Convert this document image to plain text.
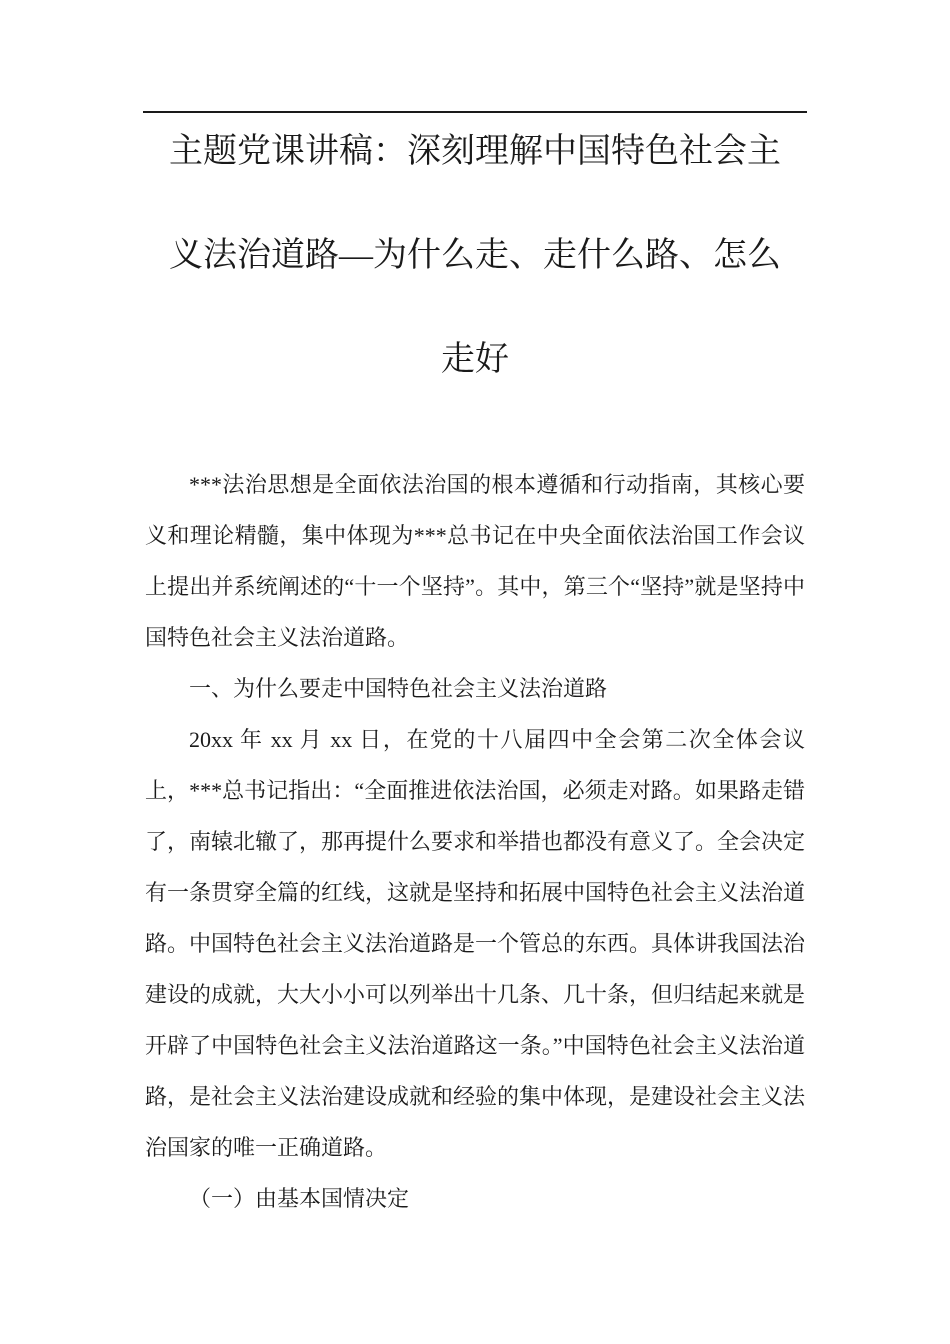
主题党课讲稿：深刻理解中国特色社会主
义法治道路—为什么走、走什么路、怎么
走好

***法治思想是全面依法治国的根本遵循和行动指南，其核心要义和理论精髓，集中体现为***总书记在中央全面依法治国工作会议上提出并系统阐述的“十一个坚持”。其中，第三个“坚持”就是坚持中国特色社会主义法治道路。

一、为什么要走中国特色社会主义法治道路

20xx 年 xx 月 xx 日，在党的十八届四中全会第二次全体会议上，***总书记指出：“全面推进依法治国，必须走对路。如果路走错了，南辕北辙了，那再提什么要求和举措也都没有意义了。全会决定有一条贯穿全篇的红线，这就是坚持和拓展中国特色社会主义法治道路。中国特色社会主义法治道路是一个管总的东西。具体讲我国法治建设的成就，大大小小可以列举出十几条、几十条，但归结起来就是开辟了中国特色社会主义法治道路这一条。”中国特色社会主义法治道路，是社会主义法治建设成就和经验的集中体现，是建设社会主义法治国家的唯一正确道路。

（一）由基本国情决定
